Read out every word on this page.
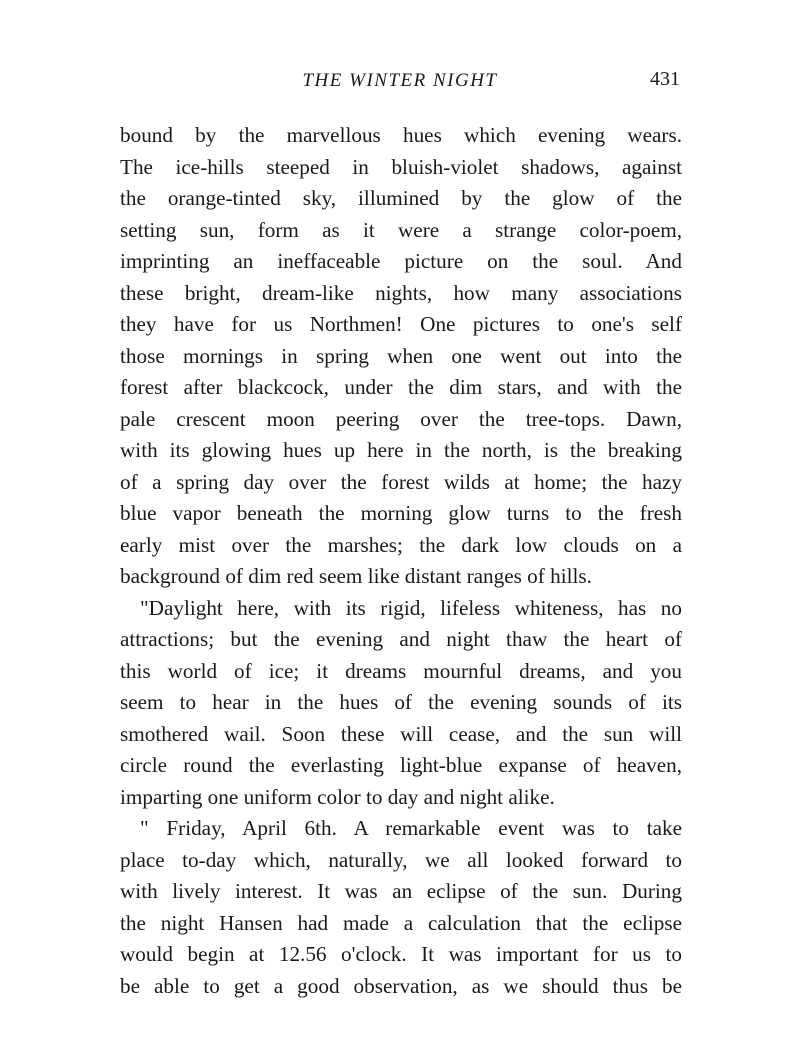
THE WINTER NIGHT	431
bound by the marvellous hues which evening wears.
The ice-hills steeped in bluish-violet shadows, against
the orange-tinted sky, illumined by the glow of the
setting sun, form as it were a strange color-poem,
imprinting an ineffaceable picture on the soul. And
these bright, dream-like nights, how many associations
they have for us Northmen! One pictures to one's self
those mornings in spring when one went out into the
forest after blackcock, under the dim stars, and with the
pale crescent moon peering over the tree-tops. Dawn,
with its glowing hues up here in the north, is the breaking
of a spring day over the forest wilds at home; the hazy
blue vapor beneath the morning glow turns to the fresh
early mist over the marshes; the dark low clouds on a
background of dim red seem like distant ranges of hills.
"Daylight here, with its rigid, lifeless whiteness, has no
attractions; but the evening and night thaw the heart of
this world of ice; it dreams mournful dreams, and you
seem to hear in the hues of the evening sounds of its
smothered wail. Soon these will cease, and the sun will
circle round the everlasting light-blue expanse of heaven,
imparting one uniform color to day and night alike.
" Friday, April 6th. A remarkable event was to take
place to-day which, naturally, we all looked forward to
with lively interest. It was an eclipse of the sun. During
the night Hansen had made a calculation that the eclipse
would begin at 12.56 o'clock. It was important for us to
be able to get a good observation, as we should thus be
